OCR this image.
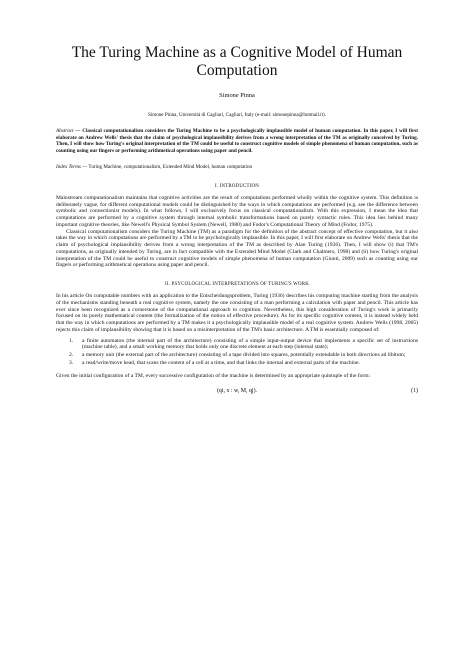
The Turing Machine as a Cognitive Model of Human Computation
Simone Pinna
Simone Pinna, Università di Cagliari, Cagliari, Italy (e-mail: simonepinna@hotmail.it).
Abstract — Classical computationalism considers the Turing Machine to be a psychologically implausible model of human computation. In this paper, I will first elaborate on Andrew Wells' thesis that the claim of psychological implausibility derives from a wrong interpretation of the TM as originally conceived by Turing. Then, I will show how Turing's original interpretation of the TM could be useful to construct cognitive models of simple phenomena of human computation, such as counting using our fingers or performing arithmetical operations using paper and pencil.
Index Terms — Turing Machine, computationalism, Extended Mind Model, human computation
I. INTRODUCTION

Mainstream computationalism maintains that cognitive activities are the result of computations performed wholly within the cognitive system. This definition is deliberately vague, for different computational models could be distinguished by the ways in which computations are performed (e.g. see the difference between symbolic and connectionist models). In what follows, I will exclusively focus on classical computationalism. With this expression, I mean the idea that computations are performed by a cognitive system through internal symbolic transformations based on purely syntactic rules. This idea lies behind many important cognitive theories, like Newell's Physical Symbol System (Newell, 1980) and Fodor's Computational Theory of Mind (Fodor, 1975).

Classical computationalism considers the Turing Machine (TM) as a paradigm for the definition of the abstract concept of effective computation, but it also takes the way in which computations are performed by a TM to be psychologically implausible. In this paper, I will first elaborate on Andrew Wells' thesis that the claim of psychological implausibility derives from a wrong interpretation of the TM as described by Alan Turing (1936). Then, I will show (i) that TM's computations, as originally intended by Turing, are in fact compatible with the Extended Mind Model (Clark and Chalmers, 1998) and (ii) how Turing's original interpretation of the TM could be useful to construct cognitive models of simple phenomena of human computation (Giunti, 2009) such as counting using our fingers or performing arithmetical operations using paper and pencil.

II. PSYCOLOGICAL INTERPRETATIONS OF TURING'S WORK

In his article On computable numbers with an application to the Entscheidungsproblem, Turing (1936) describes his computing machine starting from the analysis of the mechanisms standing beneath a real cognitive system, namely the one consisting of a man performing a calculation with paper and pencil. This article has ever since been recognized as a cornerstone of the computational approach to cognition. Nevertheless, this high consideration of Turing's work is primarily focused on its purely mathematical content (the formalization of the notion of effective procedure). As for its specific cognitive content, it is instead widely held that the way in which computations are performed by a TM makes it a psychologically implausible model of a real cognitive system. Andrew Wells (1998, 2005) rejects this claim of implausibility showing that it is based on a misinterpretation of the TM's basic architecture. A TM is essentially composed of:

1. a finite automaton (the internal part of the architecture) consisting of a simple input-output device that implements a specific set of instructions (machine table), and a small working memory that holds only one discrete element at each step (internal state);
2. a memory unit (the external part of the architecture) consisting of a tape divided into squares, potentially extendable in both directions ad libitum;
3. a read/write/move head, that scans the content of a cell at a time, and that links the internal and external parts of the machine.

Given the initial configuration of a TM, every successive configuration of the machine is determined by an appropriate quintuple of the form:

(qi, x : w, M, qj).	(1)
